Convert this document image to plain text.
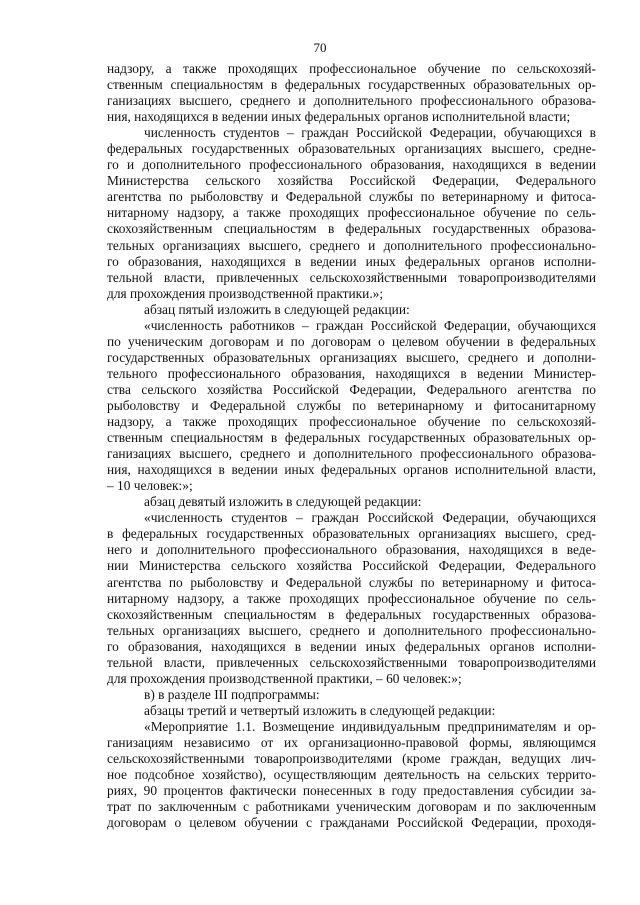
70
надзору, а также проходящих профессиональное обучение по сельскохозяй-
ственным специальностям в федеральных государственных образовательных ор-
ганизациях высшего, среднего и дополнительного профессионального образова-
ния, находящихся в ведении иных федеральных органов исполнительной власти;
численность студентов – граждан Российской Федерации, обучающихся в
федеральных государственных образовательных организациях высшего, средне-
го и дополнительного профессионального образования, находящихся в ведении
Министерства сельского хозяйства Российской Федерации, Федерального
агентства по рыболовству и Федеральной службы по ветеринарному и фитоса-
нитарному надзору, а также проходящих профессиональное обучение по сель-
скохозяйственным специальностям в федеральных государственных образова-
тельных организациях высшего, среднего и дополнительного профессионально-
го образования, находящихся в ведении иных федеральных органов исполни-
тельной власти, привлеченных сельскохозяйственными товаропроизводителями
для прохождения производственной практики.»;
абзац пятый изложить в следующей редакции:
«численность работников – граждан Российской Федерации, обучающихся
по ученическим договорам и по договорам о целевом обучении в федеральных
государственных образовательных организациях высшего, среднего и дополни-
тельного профессионального образования, находящихся в ведении Министер-
ства сельского хозяйства Российской Федерации, Федерального агентства по
рыболовству и Федеральной службы по ветеринарному и фитосанитарному
надзору, а также проходящих профессиональное обучение по сельскохозяй-
ственным специальностям в федеральных государственных образовательных ор-
ганизациях высшего, среднего и дополнительного профессионального образова-
ния, находящихся в ведении иных федеральных органов исполнительной власти,
– 10 человек:»;
абзац девятый изложить в следующей редакции:
«численность студентов – граждан Российской Федерации, обучающихся
в федеральных государственных образовательных организациях высшего, сред-
него и дополнительного профессионального образования, находящихся в веде-
нии Министерства сельского хозяйства Российской Федерации, Федерального
агентства по рыболовству и Федеральной службы по ветеринарному и фитоса-
нитарному надзору, а также проходящих профессиональное обучение по сель-
скохозяйственным специальностям в федеральных государственных образова-
тельных организациях высшего, среднего и дополнительного профессионально-
го образования, находящихся в ведении иных федеральных органов исполни-
тельной власти, привлеченных сельскохозяйственными товаропроизводителями
для прохождения производственной практики, – 60 человек:»;
в) в разделе III подпрограммы:
абзацы третий и четвертый изложить в следующей редакции:
«Мероприятие 1.1. Возмещение индивидуальным предпринимателям и ор-
ганизациям независимо от их организационно-правовой формы, являющимся
сельскохозяйственными товаропроизводителями (кроме граждан, ведущих лич-
ное подсобное хозяйство), осуществляющим деятельность на сельских террито-
риях, 90 процентов фактически понесенных в году предоставления субсидии за-
трат по заключенным с работниками ученическим договорам и по заключенным
договорам о целевом обучении с гражданами Российской Федерации, проходя-
